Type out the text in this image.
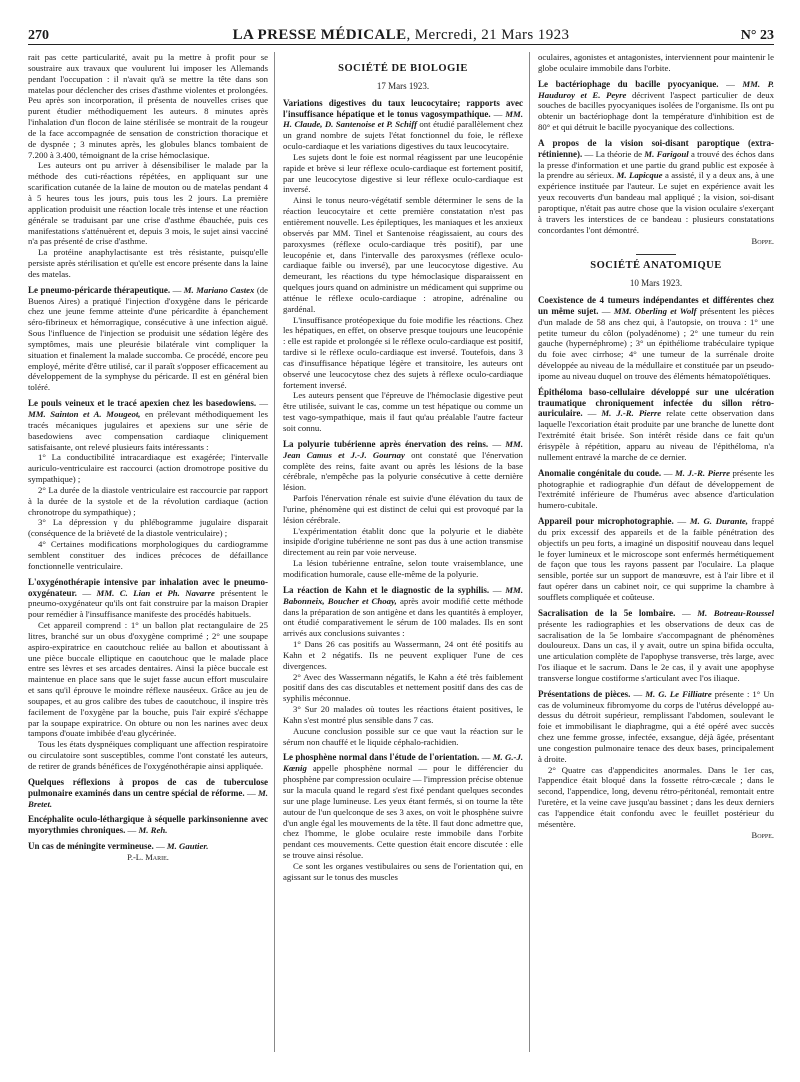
270	LA PRESSE MÉDICALE, Mercredi, 21 Mars 1923	N° 23

rait pas cette particularité, avait pu la mettre à profit pour se soustraire aux travaux que voulurent lui imposer les Allemands pendant l'occupation : il n'avait qu'à se mettre la tête dans son matelas pour déclencher des crises d'asthme violentes et prolongées. Peu après son incorporation, il présenta de nouvelles crises que purent étudier méthodiquement les auteurs. 8 minutes après l'inhalation d'un flocon de laine stérilisée se montrait de la rougeur de la face accompagnée de sensation de constriction thoracique et de dyspnée ; 3 minutes après, les globules blancs tombaient de 7.200 à 3.400, témoignant de la crise hémoclasique.

Les auteurs ont pu arriver à désensibiliser le malade par la méthode des cuti-réactions répétées, en appliquant sur une scarification cutanée de la laine de mouton ou de matelas pendant 4 à 5 heures tous les jours, puis tous les 2 jours. La première application produisit une réaction locale très intense et une réaction générale se traduisant par une crise d'asthme ébauchée, puis ces manifestations s'atténuèrent et, depuis 3 mois, le sujet ainsi vacciné n'a pas présenté de crise d'asthme.

La protéine anaphylactisante est très résistante, puisqu'elle persiste après stérilisation et qu'elle est encore présente dans la laine des matelas.

Le pneumo-péricarde thérapeutique. — M. Mariano Castex (de Buenos Aires) a pratiqué l'injection d'oxygène dans le péricarde chez une jeune femme atteinte d'une péricardite à épanchement séro-fibrineux et hémorragique, consécutive à une infection aiguë. Sous l'influence de l'injection se produisit une sédation légère des symptômes, mais une pleurésie bilatérale vint compliquer la situation et finalement la malade succomba. Ce procédé, encore peu employé, mérite d'être utilisé, car il paraît s'opposer efficacement au développement de la symphyse du péricarde. Il est en général bien toléré.

Le pouls veineux et le tracé apexien chez les basedowiens. — MM. Sainton et A. Mougeot, en prélevant méthodiquement les tracés mécaniques jugulaires et apexiens sur une série de basedowiens avec compensation cardiaque cliniquement satisfaisante, ont relevé plusieurs faits intéressants :

1° La conductibilité intracardiaque est exagérée; l'intervalle auriculo-ventriculaire est raccourci (action dromotrope positive du sympathique) ;

2° La durée de la diastole ventriculaire est raccourcie par rapport à la durée de la systole et de la révolution cardiaque (action chronotrope du sympathique) ;

3° La dépression γ du phlébogramme jugulaire disparait (conséquence de la brièveté de la diastole ventriculaire) ;

4° Certaines modifications morphologiques du cardiogramme semblent constituer des indices précoces de défaillance fonctionnelle ventriculaire.

L'oxygénothérapie intensive par inhalation avec le pneumo-oxygénateur. — MM. C. Lian et Ph. Navarre présentent le pneumo-oxygénateur qu'ils ont fait construire par la maison Drapier pour remédier à l'insuffisance manifeste des procédés habituels.

Cet appareil comprend : 1° un ballon plat rectangulaire de 25 litres, branché sur un obus d'oxygène comprimé ; 2° une soupape aspiro-expiratrice en caoutchouc reliée au ballon et aboutissant à une pièce buccale elliptique en caoutchouc que le malade place entre ses lèvres et ses arcades dentaires. Ainsi la pièce buccale est maintenue en place sans que le sujet fasse aucun effort musculaire et sans qu'il éprouve le moindre réflexe nauséeux. Grâce au jeu de soupapes, et au gros calibre des tubes de caoutchouc, il inspire très facilement de l'oxygène par la bouche, puis l'air expiré s'échappe par la soupape expiratrice. On obture ou non les narines avec deux tampons d'ouate imbibée d'eau glycérinée.

Tous les états dyspnéiques compliquant une affection respiratoire ou circulatoire sont susceptibles, comme l'ont constaté les auteurs, de retirer de grands bénéfices de l'oxygénothérapie ainsi appliquée.

Quelques réflexions à propos de cas de tuberculose pulmonaire examinés dans un centre spécial de réforme. — M. Bretet.

Encéphalite oculo-léthargique à séquelle parkinsonienne avec myorythmies chroniques. — M. Reh.

Un cas de méningite vermineuse. — M. Gautier.

P.-L. Marie.

SOCIÉTÉ DE BIOLOGIE
17 Mars 1923.

Variations digestives du taux leucocytaire; rapports avec l'insuffisance hépatique et le tonus vagosympathique. — MM. H. Claude, D. Santenoise et P. Schiff ont étudié parallèlement chez un grand nombre de sujets l'état fonctionnel du foie, le réflexe oculo-cardiaque et les variations digestives du taux leucocytaire.

Les sujets dont le foie est normal réagissent par une leucopénie rapide et brève si leur réflexe oculo-cardiaque est fortement positif, par une leucocytose digestive si leur réflexe oculo-cardiaque est inversé.

Ainsi le tonus neuro-végétatif semble déterminer le sens de la réaction leucocytaire et cette première constatation n'est pas entièrement nouvelle. Les épileptiques, les maniaques et les anxieux observés par MM. Tinel et Santenoise réagissaient, au cours des paroxysmes (réflexe oculo-cardiaque très positif), par une leucopénie et, dans l'intervalle des paroxysmes (réflexe oculo-cardiaque faible ou inversé), par une leucocytose digestive. Au demeurant, les réactions du type hémoclasique disparaissent en quelques jours quand on administre un médicament qui supprime ou atténue le réflexe oculo-cardiaque : atropine, adrénaline ou gardénal.

L'insuffisance protéopexique du foie modifie les réactions. Chez les hépatiques, en effet, on observe presque toujours une leucopénie : elle est rapide et prolongée si le réflexe oculo-cardiaque est positif, tardive si le réflexe oculo-cardiaque est inversé. Toutefois, dans 3 cas d'insuffisance hépatique légère et transitoire, les auteurs ont observé une leucocytose chez des sujets à réflexe oculo-cardiaque fortement inversé.

Les auteurs pensent que l'épreuve de l'hémoclasie digestive peut être utilisée, suivant le cas, comme un test hépatique ou comme un test vago-sympathique, mais il faut qu'au préalable l'autre facteur soit connu.

La polyurie tubérienne après énervation des reins. — MM. Jean Camus et J.-J. Gournay ont constaté que l'énervation complète des reins, faite avant ou après les lésions de la base cérébrale, n'empêche pas la polyurie consécutive à cette dernière lésion.

Parfois l'énervation rénale est suivie d'une élévation du taux de l'urine, phénomène qui est distinct de celui qui est provoqué par la lésion cérébrale.

L'expérimentation établit donc que la polyurie et le diabète insipide d'origine tubérienne ne sont pas dus à une action transmise directement au rein par voie nerveuse.

La lésion tubérienne entraîne, selon toute vraisemblance, une modification humorale, cause elle-même de la polyurie.

La réaction de Kahn et le diagnostic de la syphilis. — MM. Babonneix, Boucher et Choay, après avoir modifié cette méthode dans la préparation de son antigène et dans les quantités à employer, ont étudié comparativement le sérum de 100 malades. Ils en sont arrivés aux conclusions suivantes :

1° Dans 26 cas positifs au Wassermann, 24 ont été positifs au Kahn et 2 négatifs. Ils ne peuvent expliquer l'une de ces divergences.

2° Avec des Wassermann négatifs, le Kahn a été très faiblement positif dans des cas discutables et nettement positif dans des cas de syphilis méconnue.

3° Sur 20 malades où toutes les réactions étaient positives, le Kahn s'est montré plus sensible dans 7 cas.

Aucune conclusion possible sur ce que vaut la réaction sur le sérum non chauffé et le liquide céphalo-rachidien.

Le phosphène normal dans l'étude de l'orientation. — M. G.-J. Kœnig appelle phosphène normal — pour le différencier du phosphène par compression oculaire — l'impression précise obtenue sur la macula quand le regard s'est fixé pendant quelques secondes sur une plage lumineuse. Les yeux étant fermés, si on tourne la tête autour de l'un quelconque de ses 3 axes, on voit le phosphène suivre d'un angle égal les mouvements de la tête. Il faut donc admettre que, chez l'homme, le globe oculaire reste immobile dans l'orbite pendant ces mouvements. Cette question était encore discutée : elle se trouve ainsi résolue.

Ce sont les organes vestibulaires ou sens de l'orientation qui, en agissant sur le tonus des muscles

oculaires, agonistes et antagonistes, interviennent pour maintenir le globe oculaire immobile dans l'orbite.

Le bactériophage du bacille pyocyanique. — MM. P. Hauduroy et E. Peyre décrivent l'aspect particulier de deux souches de bacilles pyocyaniques isolées de l'organisme. Ils ont pu obtenir un bactériophage dont la température d'inhibition est de 80° et qui détruit le bacille pyocyanique des collections.

A propos de la vision soi-disant paroptique (extra-rétinienne). — La théorie de M. Farigoul a trouvé des échos dans la presse d'information et une partie du grand public est exposée à la prendre au sérieux. M. Lapicque a assisté, il y a deux ans, à une expérience instituée par l'auteur. Le sujet en expérience avait les yeux recouverts d'un bandeau mal appliqué ; la vision, soi-disant paroptique, n'était pas autre chose que la vision oculaire s'exerçant à travers les interstices de ce bandeau : plusieurs constatations concordantes l'ont démontré.

Boppe.

SOCIÉTÉ ANATOMIQUE
10 Mars 1923.

Coexistence de 4 tumeurs indépendantes et différentes chez un même sujet. — MM. Oberling et Wolf présentent les pièces d'un malade de 58 ans chez qui, à l'autopsie, on trouva : 1° une petite tumeur du côlon (polyadénome) ; 2° une tumeur du rein gauche (hypernéphrome) ; 3° un épithéliome trabéculaire typique du foie avec cirrhose; 4° une tumeur de la surrénale droite développée au niveau de la médullaire et constituée par un pseudo-ipome au niveau duquel on trouve des éléments hématopoïétiques.

Épithéloma baso-cellulaire développé sur une ulcération traumatique chroniquement infectée du sillon rétro-auriculaire. — M. J.-R. Pierre relate cette observation dans laquelle l'excoriation était produite par une branche de lunette dont l'extrémité était brisée. Son intérêt réside dans ce fait qu'un érisypèle à répétition, apparu au niveau de l'épithéloma, n'a nullement entravé la marche de ce dernier.

Anomalie congénitale du coude. — M. J.-R. Pierre présente les photographie et radiographie d'un défaut de développement de l'extrémité inférieure de l'humérus avec absence d'articulation humero-cubitale.

Appareil pour microphotographie. — M. G. Durante, frappé du prix excessif des appareils et de la faible pénétration des objectifs un peu forts, a imaginé un dispositif nouveau dans lequel le foyer lumineux et le microscope sont enfermés hermétiquement de façon que tous les rayons passent par l'oculaire. La plaque sensible, portée sur un support de manœuvre, est à l'air libre et il faut opérer dans un cabinet noir, ce qui supprime la chambre à soufflets compliquée et coûteuse.

Sacralisation de la 5e lombaire. — M. Botreau-Roussel présente les radiographies et les observations de deux cas de sacralisation de la 5e lombaire s'accompagnant de phénomènes douloureux. Dans un cas, il y avait, outre un spina bifida occulta, une articulation complète de l'apophyse transverse, très large, avec l'os iliaque et le sacrum. Dans le 2e cas, il y avait une apophyse transverse longue costiforme s'articulant avec l'os iliaque.

Présentations de pièces. — M. G. Le Filliatre présente : 1° Un cas de volumineux fibromyome du corps de l'utérus développé au-dessus du détroit supérieur, remplissant l'abdomen, soulevant le foie et immobilisant le diaphragme, qui a été opéré avec succès chez une femme grosse, infectée, exsangue, déjà âgée, présentant une congestion pulmonaire tenace des deux bases, principalement à droite.

2° Quatre cas d'appendicites anormales. Dans le 1er cas, l'appendice était bloqué dans la fossette rétro-cæcale ; dans le second, l'appendice, long, devenu rétro-péritonéal, remontait entre l'uretère, et la veine cave jusqu'au bassinet ; dans les deux derniers cas l'appendice était confondu avec le feuillet postérieur du mésentère.

Boppe.
